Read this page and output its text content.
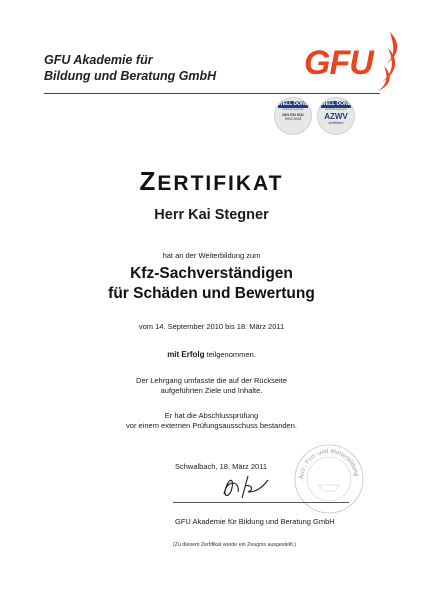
GFU Akademie für
Bildung und Beratung GmbH	GFU
WELL DONE
Zertifizierungsstelle
DIN EN ISO
9001:2008
WELL DONE
Zertifizierungsstelle
AZWV
zertifiziert
ZERTIFIKAT
Herr Kai Stegner
hat an der Weiterbildung zum
Kfz-Sachverständigen
für Schäden und Bewertung
vom 14. September 2010 bis 18. März 2011
mit Erfolg teilgenommen.
Der Lehrgang umfasste die auf der Rückseite
aufgeführten Ziele und Inhalte.
Er hat die Abschlussprüfung
vor einem externen Prüfungsausschuss bestanden.
Schwalbach, 18. März 2011
Aus-, Fort- und Weiterbildung
GFU Akademie für Bildung und Beratung GmbH
(Zu diesem Zertifikat wurde ein Zeugnis ausgestellt.)
